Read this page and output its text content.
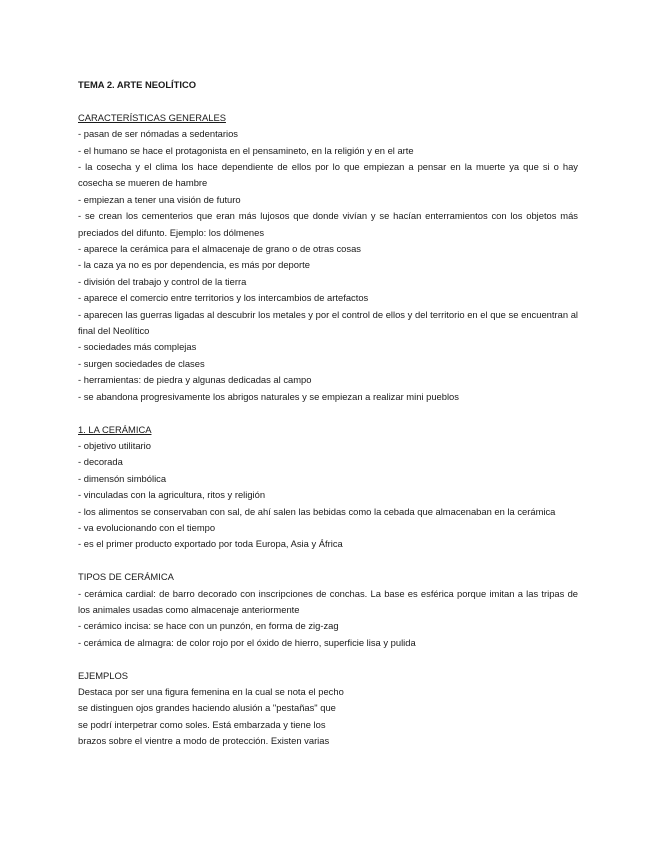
TEMA 2. ARTE NEOLÍTICO

CARACTERÍSTICAS GENERALES

- pasan de ser nómadas a sedentarios
- el humano se hace el protagonista en el pensamineto, en la religión y en el arte
- la cosecha y el clima los hace dependiente de ellos por lo que empiezan a pensar en la muerte ya que si o hay cosecha se mueren de hambre
- empiezan a tener una visión de futuro
- se crean los cementerios que eran más lujosos que donde vivían y se hacían enterramientos con los objetos más preciados del difunto. Ejemplo: los dólmenes
- aparece la cerámica para el almacenaje de grano o de otras cosas
- la caza ya no es por dependencia, es más por deporte
- división del trabajo y control de la tierra
- aparece el comercio entre territorios y los intercambios de artefactos
- aparecen las guerras ligadas al descubrir los metales y por el control de ellos y del territorio en el que se encuentran al final del Neolítico
- sociedades más complejas
- surgen sociedades de clases
- herramientas: de piedra y algunas dedicadas al campo
- se abandona progresivamente los abrigos naturales y se empiezan a realizar mini pueblos

1. LA CERÁMICA

- objetivo utilitario
- decorada
- dimensón simbólica
- vinculadas con la agricultura, ritos y religión
- los alimentos se conservaban con sal, de ahí salen las bebidas como la cebada que almacenaban en la cerámica
- va evolucionando con el tiempo
- es el primer producto exportado por toda Europa, Asia y África

TIPOS DE CERÁMICA

- cerámica cardial: de barro decorado con inscripciones de conchas. La base es esférica porque imitan a las tripas de los animales usadas como almacenaje anteriormente
- cerámico incisa: se hace con un punzón, en forma de zig-zag
- cerámica de almagra: de color rojo por el óxido de hierro, superficie lisa y pulida

EJEMPLOS

Destaca por ser una figura femenina en la cual se nota el pecho

se distinguen ojos grandes haciendo alusión a "pestañas" que

se podrí interpetrar como soles. Está embarzada y tiene los

brazos sobre el vientre a modo de protección. Existen varias
